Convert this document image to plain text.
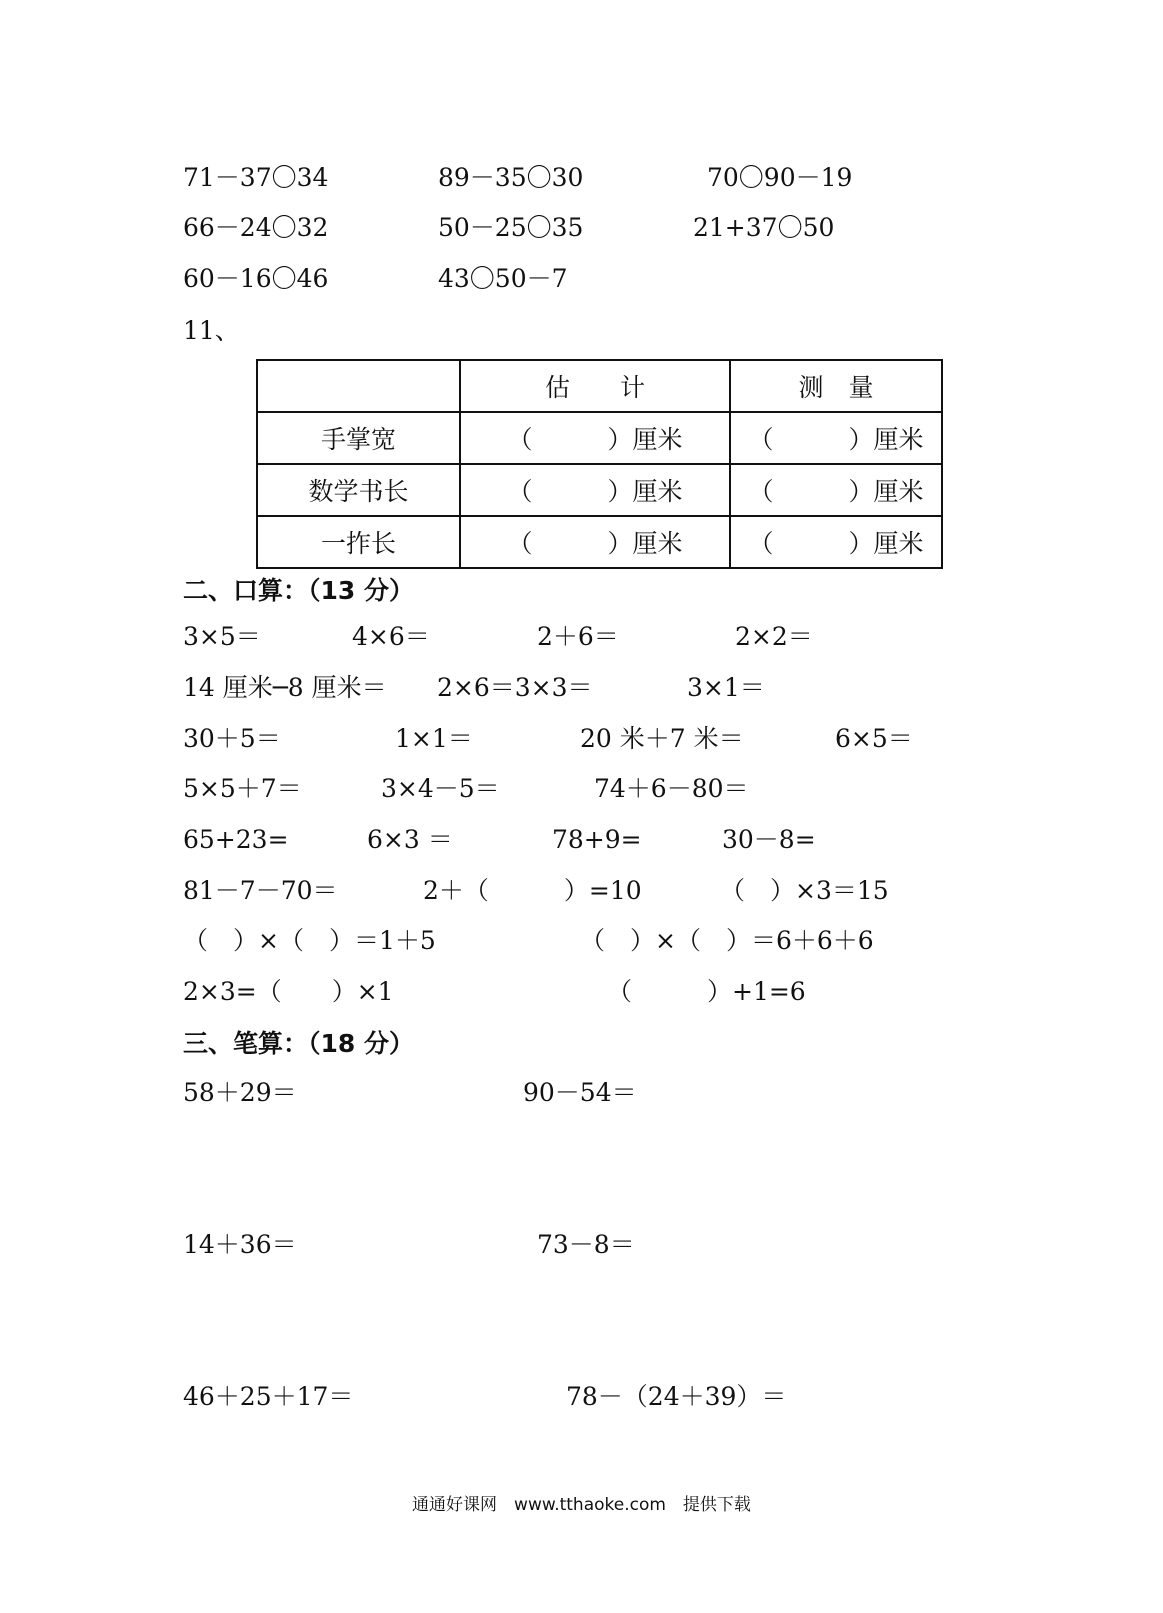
71－37〇34	89－35〇30	70〇90－19
66－24〇32	50－25〇35	21+37〇50
60－16〇46	43〇50－7
11、
	估　　计	测　量
手掌宽	（　　　）厘米	（　　　）厘米
数学书长	（　　　）厘米	（　　　）厘米
一拃长	（　　　）厘米	（　　　）厘米
二、口算：（13 分）
3×5＝	4×6＝	2＋6＝	2×2＝
14 厘米─8 厘米＝ 2×6＝3×3＝	3×1＝
30＋5＝	1×1＝	20 米＋7 米＝	6×5＝
5×5＋7＝	3×4－5＝	74＋6－80＝
65+23=	6×3 ＝	78+9=	30－8=
81－7－70＝	2＋（　　　）=10	（　）×3＝15
（　）×（　）＝1＋5	（　）×（　）＝6＋6＋6
2×3=（　　）×1	（　　　）+1=6
三、笔算：（18 分）
58＋29＝	90－54＝
14＋36＝	73－8＝
46＋25＋17＝	78－（24＋39）＝
通通好课网　www.tthaoke.com　提供下载
